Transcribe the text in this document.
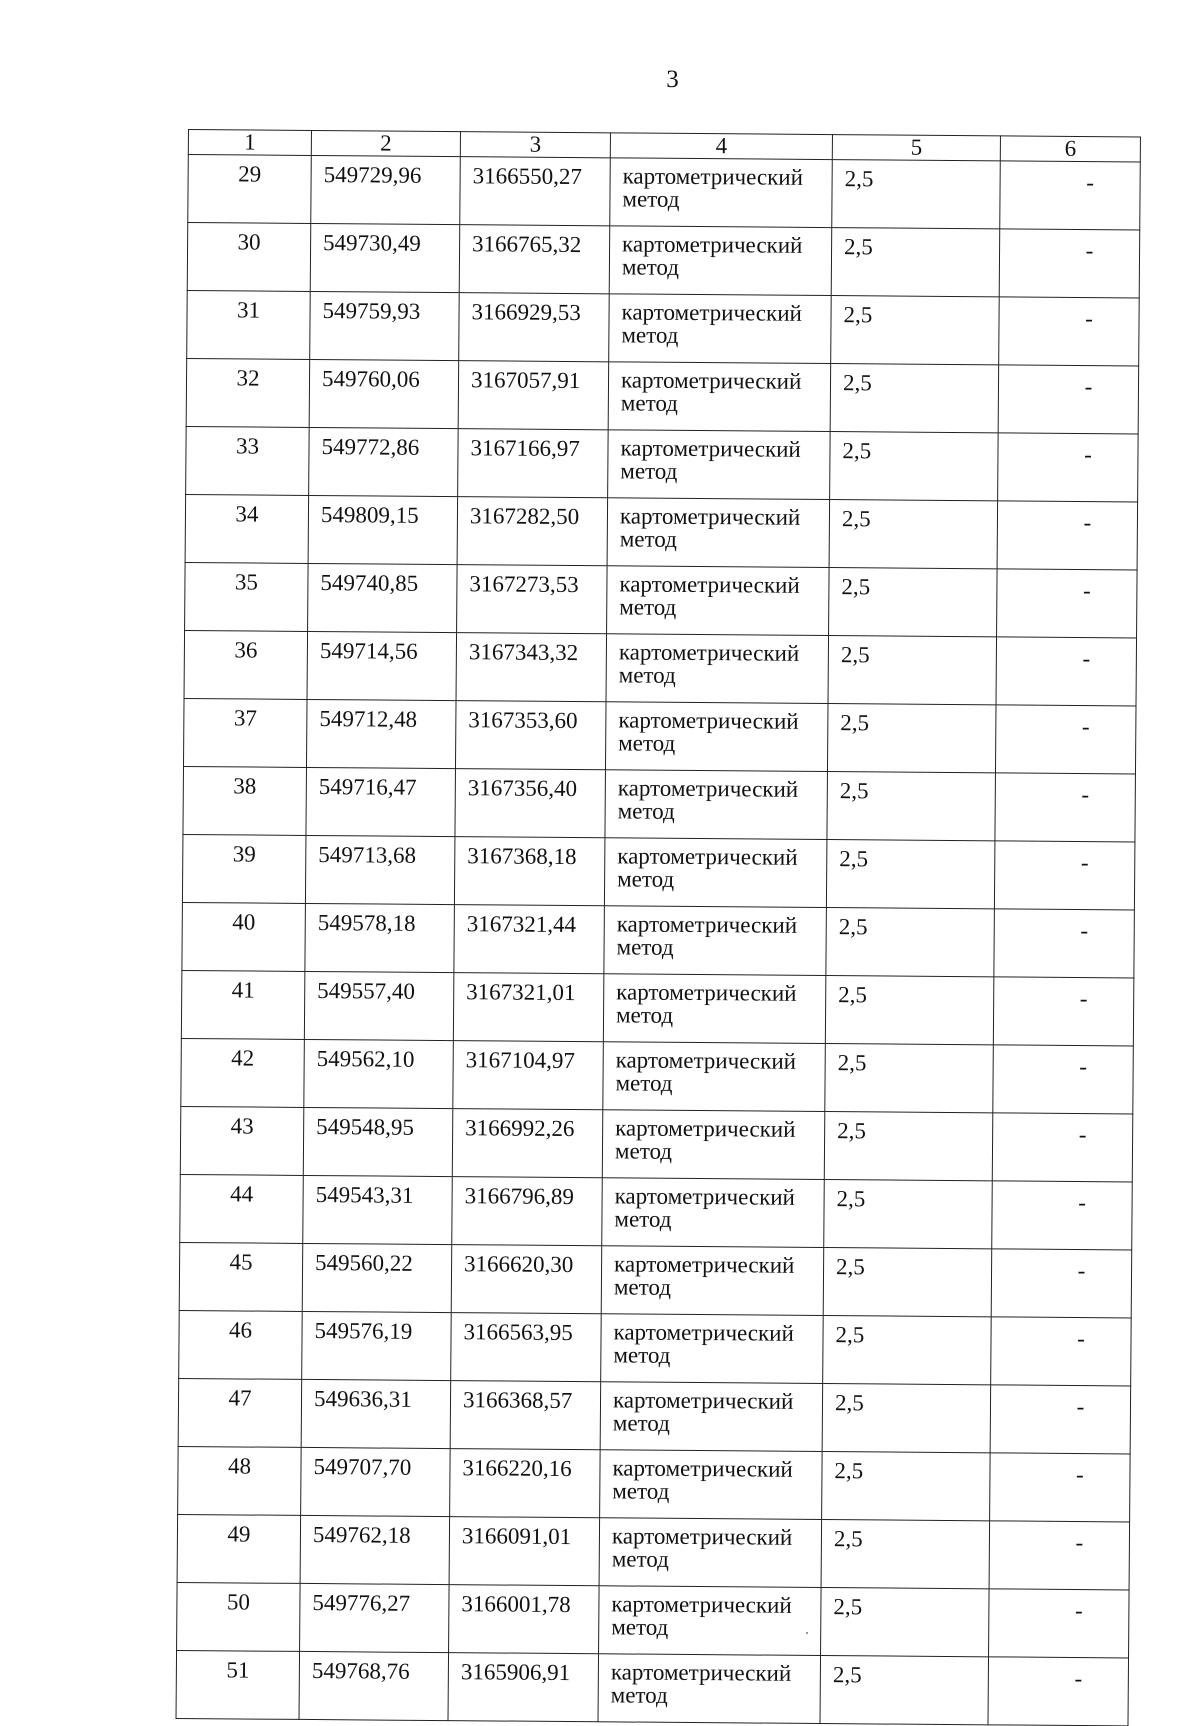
3
1	2	3	4	5	6
29	549729,96	3166550,27	картометрический метод	2,5	-
30	549730,49	3166765,32	картометрический метод	2,5	-
31	549759,93	3166929,53	картометрический метод	2,5	-
32	549760,06	3167057,91	картометрический метод	2,5	-
33	549772,86	3167166,97	картометрический метод	2,5	-
34	549809,15	3167282,50	картометрический метод	2,5	-
35	549740,85	3167273,53	картометрический метод	2,5	-
36	549714,56	3167343,32	картометрический метод	2,5	-
37	549712,48	3167353,60	картометрический метод	2,5	-
38	549716,47	3167356,40	картометрический метод	2,5	-
39	549713,68	3167368,18	картометрический метод	2,5	-
40	549578,18	3167321,44	картометрический метод	2,5	-
41	549557,40	3167321,01	картометрический метод	2,5	-
42	549562,10	3167104,97	картометрический метод	2,5	-
43	549548,95	3166992,26	картометрический метод	2,5	-
44	549543,31	3166796,89	картометрический метод	2,5	-
45	549560,22	3166620,30	картометрический метод	2,5	-
46	549576,19	3166563,95	картометрический метод	2,5	-
47	549636,31	3166368,57	картометрический метод	2,5	-
48	549707,70	3166220,16	картометрический метод	2,5	-
49	549762,18	3166091,01	картометрический метод	2,5	-
50	549776,27	3166001,78	картометрический метод	2,5	-
51	549768,76	3165906,91	картометрический метод	2,5	-
